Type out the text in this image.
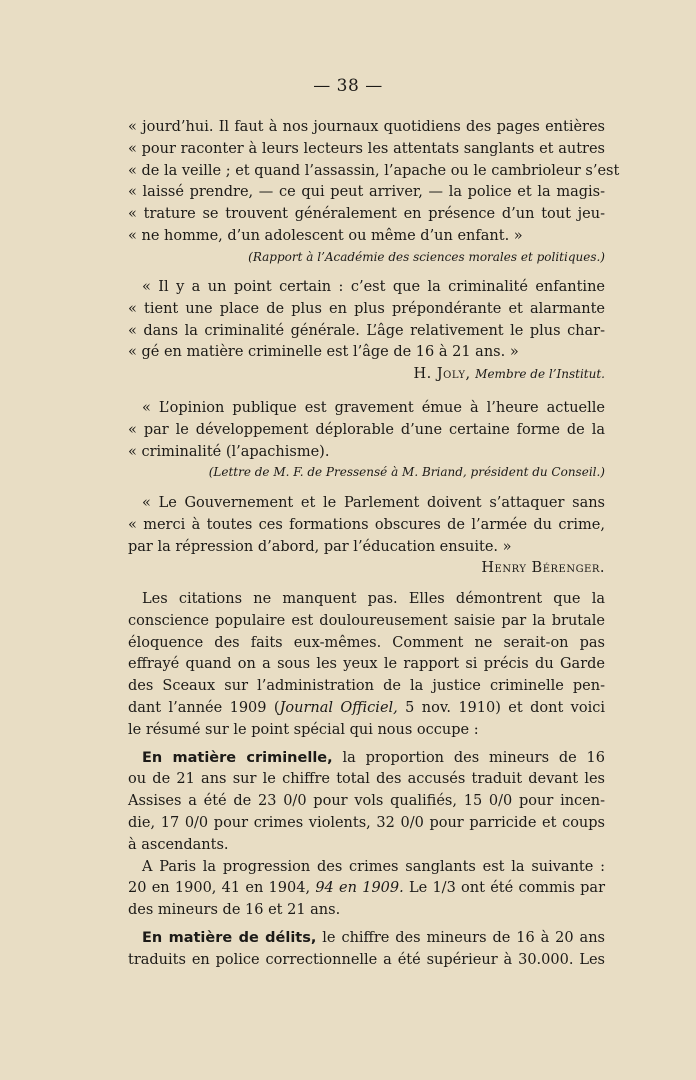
— 38 —
« jourd’hui. Il faut à nos journaux quotidiens des pages entières
« pour raconter à leurs lecteurs les attentats sanglants et autres
« de la veille ; et quand l’assassin, l’apache ou le cambrioleur s’est
« laissé prendre, — ce qui peut arriver, — la police et la magis-
« trature se trouvent généralement en présence d’un tout jeu-
« ne homme, d’un adolescent ou même d’un enfant. »
(Rapport à l’Académie des sciences morales et politiques.)
« Il y a un point certain : c’est que la criminalité enfantine
« tient une place de plus en plus prépondérante et alarmante
« dans la criminalité générale. L’âge relativement le plus char-
« gé en matière criminelle est l’âge de 16 à 21 ans. »
H. Joly, Membre de l’Institut.
« L’opinion publique est gravement émue à l’heure actuelle
« par le développement déplorable d’une certaine forme de la
« criminalité (l’apachisme).
(Lettre de M. F. de Pressensé à M. Briand, président du Conseil.)
« Le Gouvernement et le Parlement doivent s’attaquer sans
« merci à toutes ces formations obscures de l’armée du crime,
par la répression d’abord, par l’éducation ensuite. »
Henry Bérenger.
Les citations ne manquent pas. Elles démontrent que la
conscience populaire est douloureusement saisie par la brutale
éloquence des faits eux-mêmes. Comment ne serait-on pas
effrayé quand on a sous les yeux le rapport si précis du Garde
des Sceaux sur l’administration de la justice criminelle pen-
dant l’année 1909 (Journal Officiel, 5 nov. 1910) et dont voici
le résumé sur le point spécial qui nous occupe :
En matière criminelle, la proportion des mineurs de 16
ou de 21 ans sur le chiffre total des accusés traduit devant les
Assises a été de 23 0/0 pour vols qualifiés, 15 0/0 pour incen-
die, 17 0/0 pour crimes violents, 32 0/0 pour parricide et coups
à ascendants.
A Paris la progression des crimes sanglants est la suivante :
20 en 1900, 41 en 1904, 94 en 1909. Le 1/3 ont été commis par
des mineurs de 16 et 21 ans.
En matière de délits, le chiffre des mineurs de 16 à 20 ans
traduits en police correctionnelle a été supérieur à 30.000. Les
